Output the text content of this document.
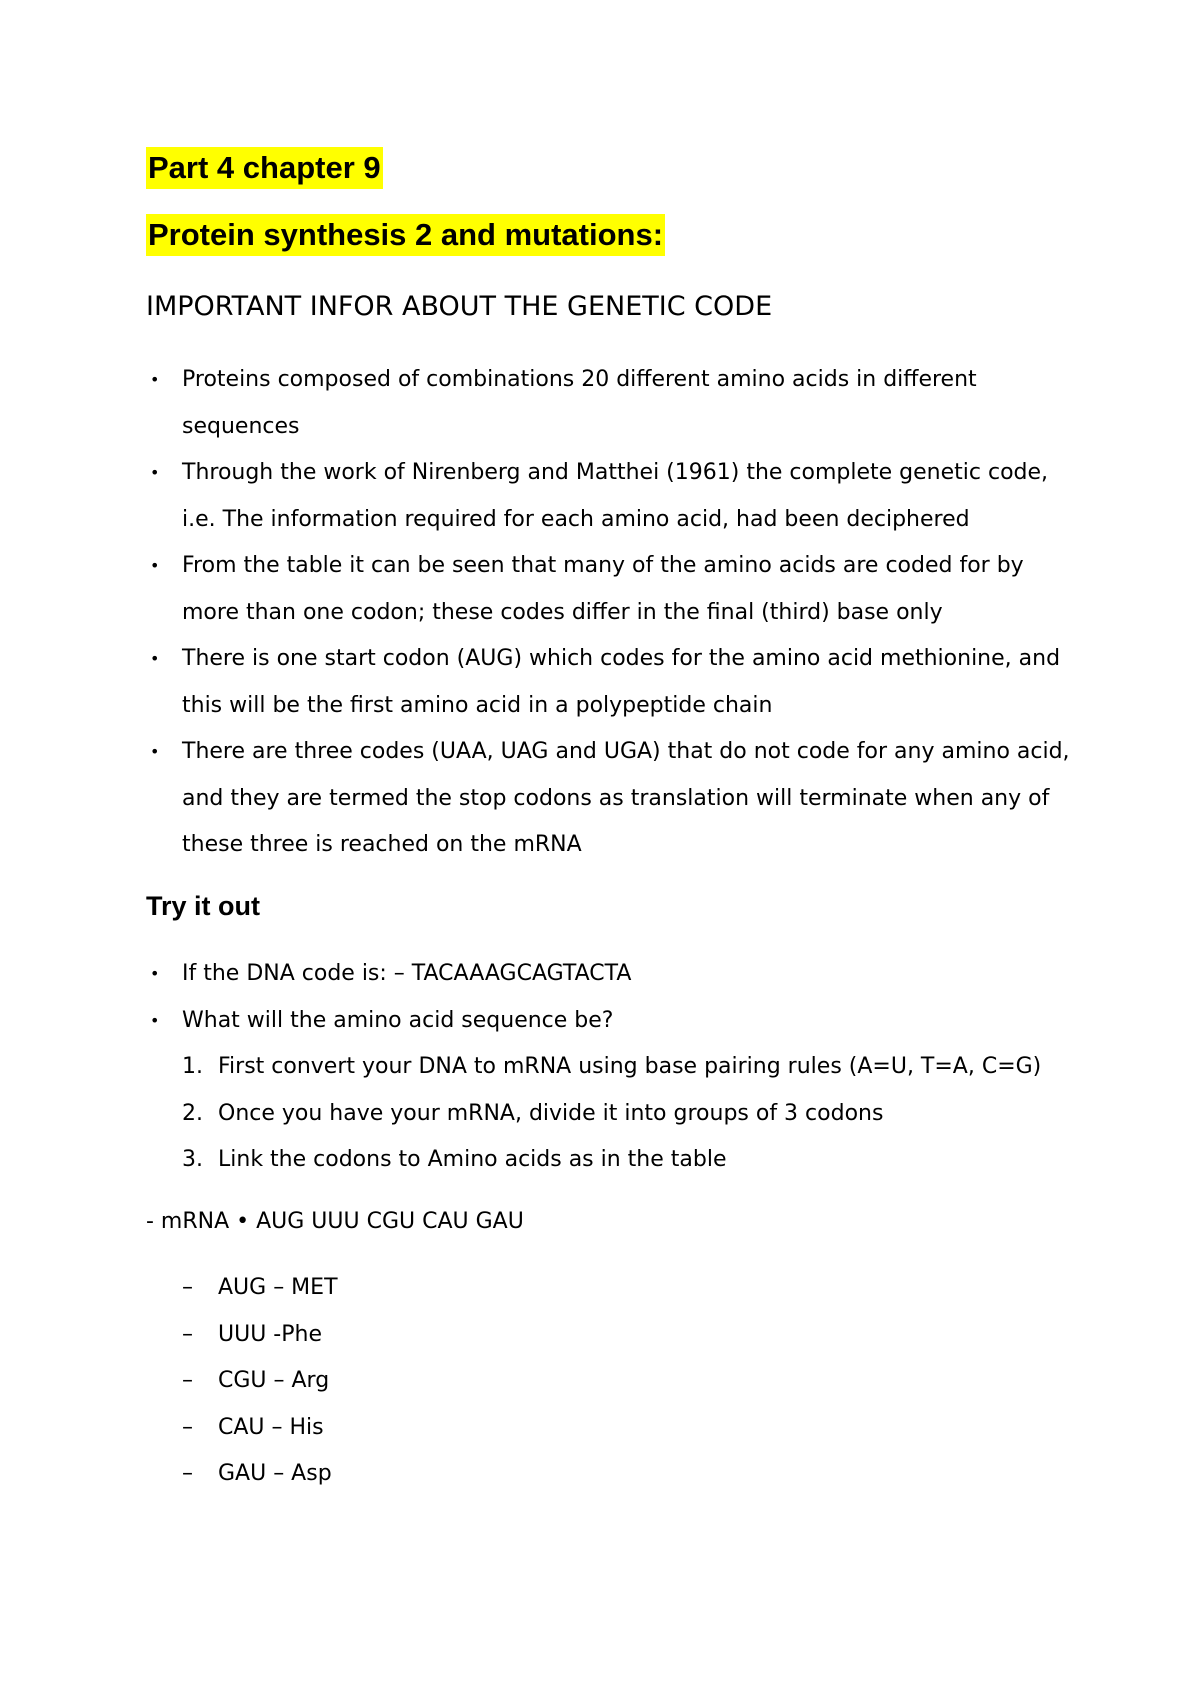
Part 4 chapter 9
Protein synthesis 2 and mutations:
IMPORTANT INFOR ABOUT THE GENETIC CODE
• Proteins composed of combinations 20 different amino acids in different sequences
• Through the work of Nirenberg and Matthei (1961) the complete genetic code, i.e. The information required for each amino acid, had been deciphered
• From the table it can be seen that many of the amino acids are coded for by more than one codon; these codes differ in the final (third) base only
• There is one start codon (AUG) which codes for the amino acid methionine, and this will be the first amino acid in a polypeptide chain
• There are three codes (UAA, UAG and UGA) that do not code for any amino acid, and they are termed the stop codons as translation will terminate when any of these three is reached on the mRNA
Try it out
• If the DNA code is: – TACAAAGCAGTACTA
• What will the amino acid sequence be?
1. First convert your DNA to mRNA using base pairing rules (A=U, T=A, C=G)
2. Once you have your mRNA, divide it into groups of 3 codons
3. Link the codons to Amino acids as in the table
- mRNA • AUG UUU CGU CAU GAU
– AUG – MET
– UUU -Phe
– CGU – Arg
– CAU – His
– GAU – Asp
